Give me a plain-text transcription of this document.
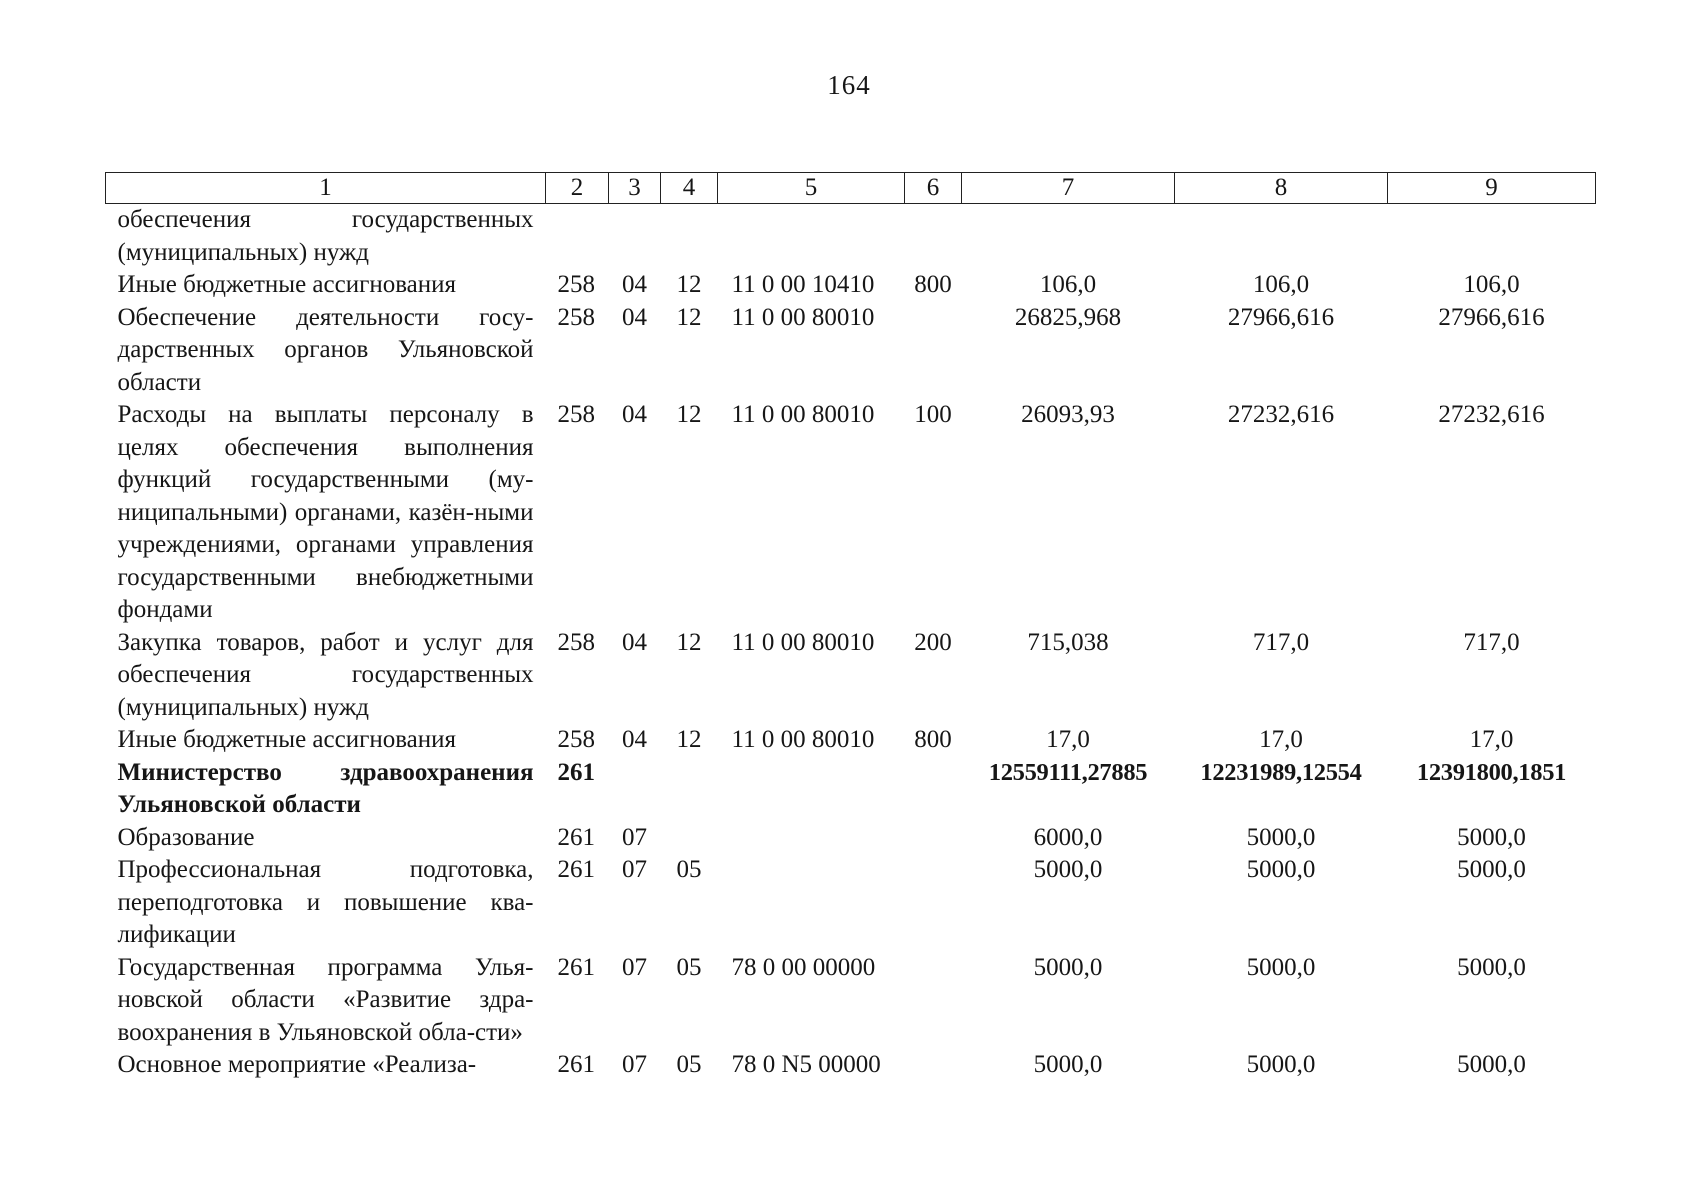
164
1	2	3	4	5	6	7	8	9
обеспечения государственных (муниципальных) нужд								
Иные бюджетные ассигнования	258	04	12	11 0 00 10410	800	106,0	106,0	106,0
Обеспечение деятельности госу-дарственных органов Ульяновской области	258	04	12	11 0 00 80010		26825,968	27966,616	27966,616
Расходы на выплаты персоналу в целях обеспечения выполнения функций государственными (му-ниципальными) органами, казён-ными учреждениями, органами управления государственными внебюджетными фондами	258	04	12	11 0 00 80010	100	26093,93	27232,616	27232,616
Закупка товаров, работ и услуг для обеспечения государственных (муниципальных) нужд	258	04	12	11 0 00 80010	200	715,038	717,0	717,0
Иные бюджетные ассигнования	258	04	12	11 0 00 80010	800	17,0	17,0	17,0
Министерство здравоохранения Ульяновской области	261					12559111,27885	12231989,12554	12391800,1851
Образование	261	07				6000,0	5000,0	5000,0
Профессиональная подготовка, переподготовка и повышение ква-лификации	261	07	05			5000,0	5000,0	5000,0
Государственная программа Улья-новской области «Развитие здра-воохранения в Ульяновской обла-сти»	261	07	05	78 0 00 00000		5000,0	5000,0	5000,0
Основное мероприятие «Реализа-	261	07	05	78 0 N5 00000		5000,0	5000,0	5000,0
